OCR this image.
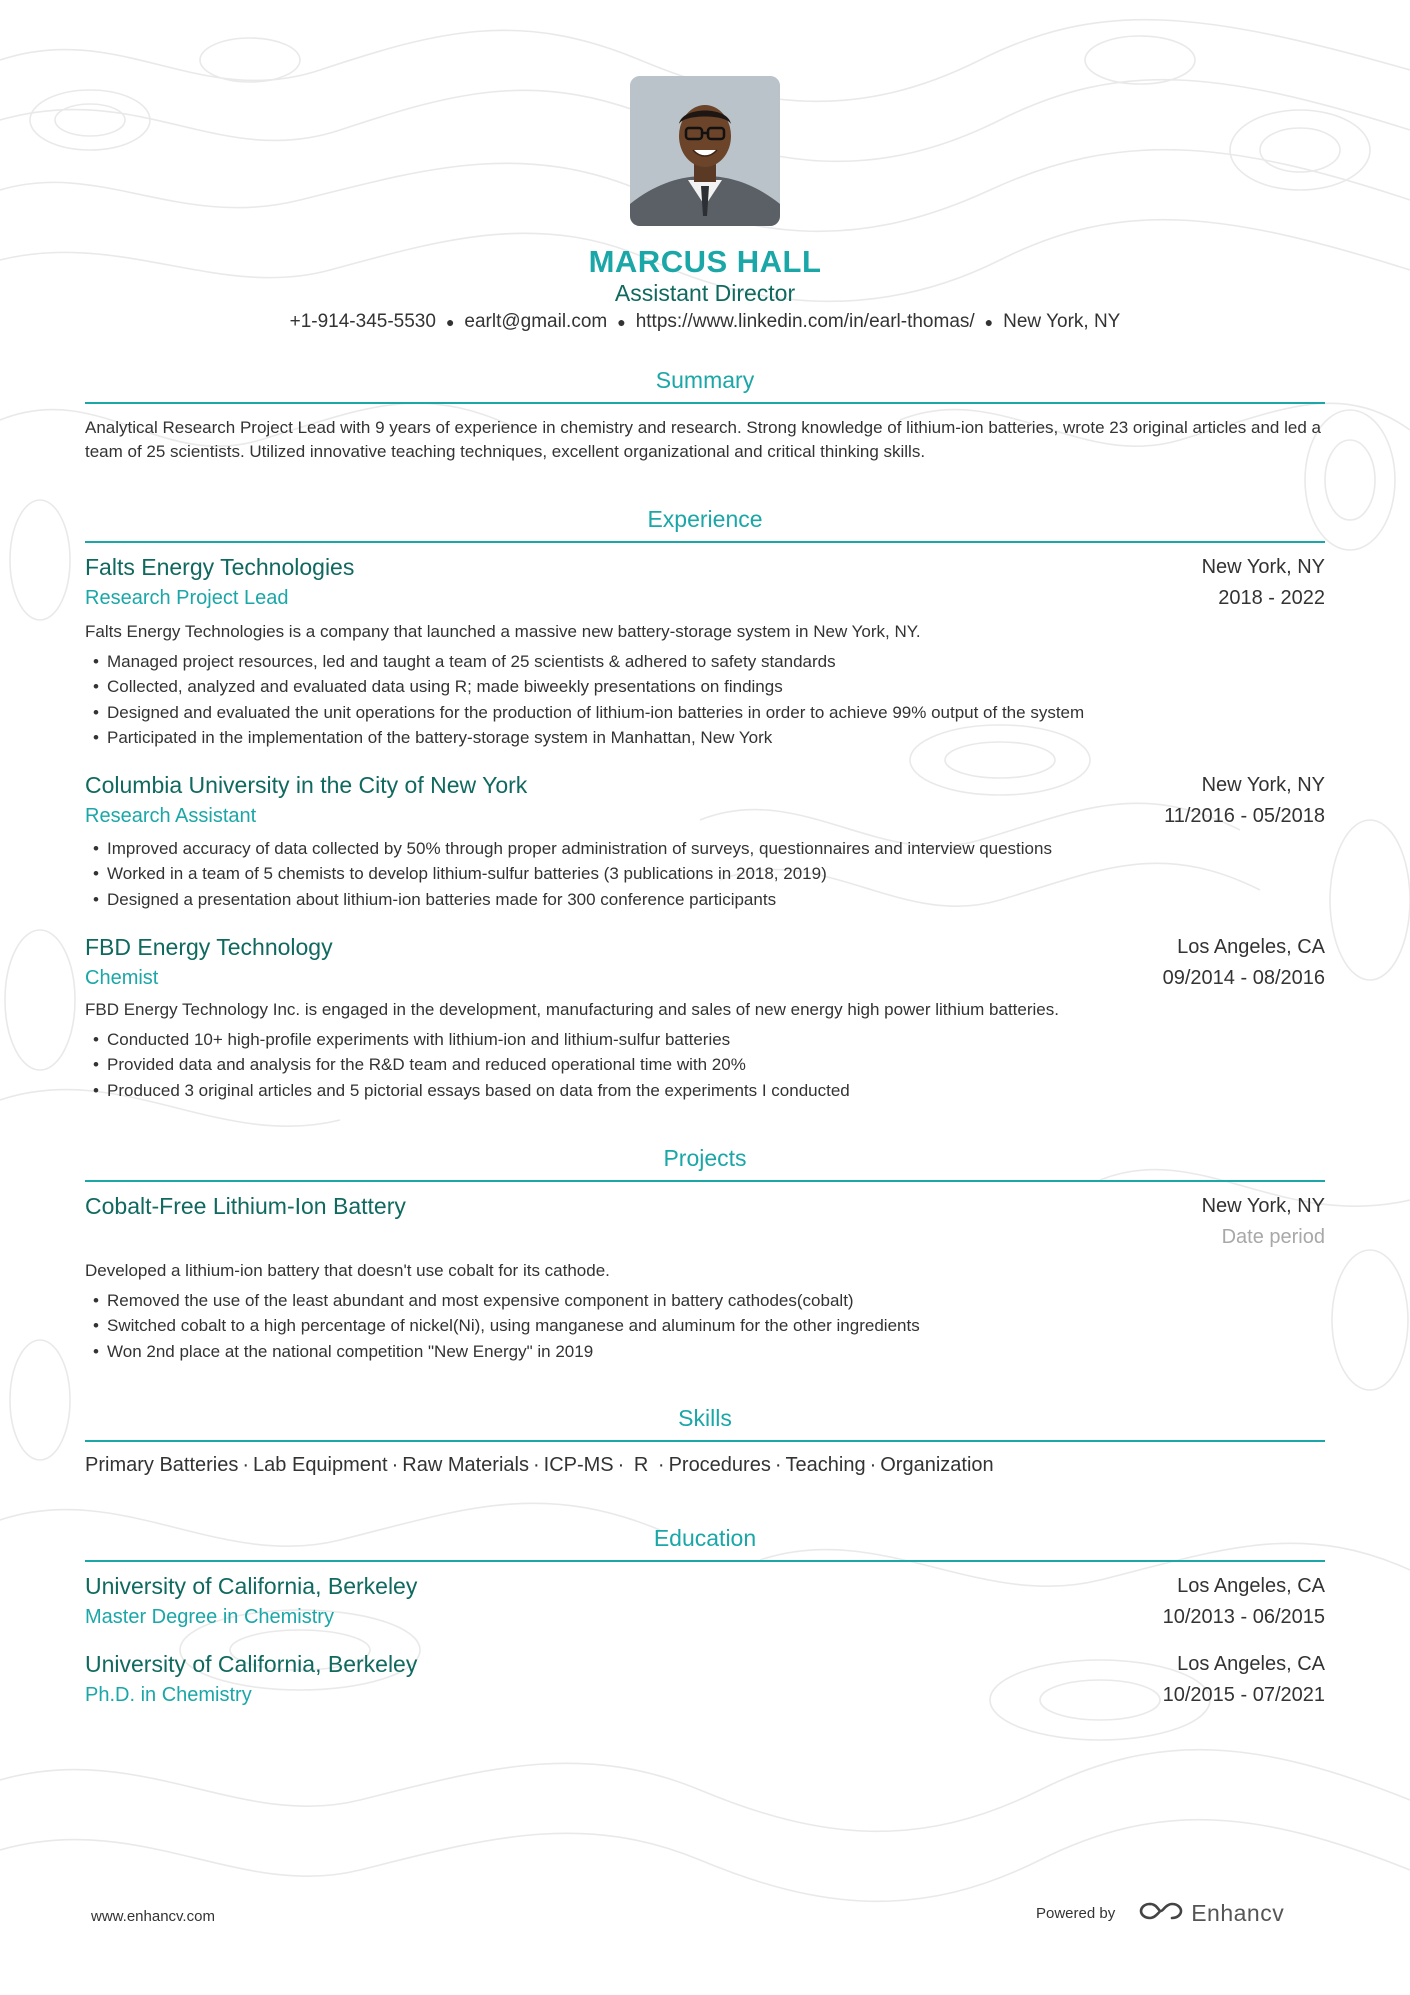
MARCUS HALL
Assistant Director
+1-914-345-5530 ● earlt@gmail.com ● https://www.linkedin.com/in/earl-thomas/ ● New York, NY
Summary
Analytical Research Project Lead with 9 years of experience in chemistry and research. Strong knowledge of lithium-ion batteries, wrote 23 original articles and led a team of 25 scientists. Utilized innovative teaching techniques, excellent organizational and critical thinking skills.
Experience
Falts Energy Technologies	New York, NY
Research Project Lead	2018 - 2022
Falts Energy Technologies is a company that launched a massive new battery-storage system in New York, NY.
• Managed project resources, led and taught a team of 25 scientists & adhered to safety standards
• Collected, analyzed and evaluated data using R; made biweekly presentations on findings
• Designed and evaluated the unit operations for the production of lithium-ion batteries in order to achieve 99% output of the system
• Participated in the implementation of the battery-storage system in Manhattan, New York
Columbia University in the City of New York	New York, NY
Research Assistant	11/2016 - 05/2018
• Improved accuracy of data collected by 50% through proper administration of surveys, questionnaires and interview questions
• Worked in a team of 5 chemists to develop lithium-sulfur batteries (3 publications in 2018, 2019)
• Designed a presentation about lithium-ion batteries made for 300 conference participants
FBD Energy Technology	Los Angeles, CA
Chemist	09/2014 - 08/2016
FBD Energy Technology Inc. is engaged in the development, manufacturing and sales of new energy high power lithium batteries.
• Conducted 10+ high-profile experiments with lithium-ion and lithium-sulfur batteries
• Provided data and analysis for the R&D team and reduced operational time with 20%
• Produced 3 original articles and 5 pictorial essays based on data from the experiments I conducted
Projects
Cobalt-Free Lithium-Ion Battery	New York, NY
Date period
Developed a lithium-ion battery that doesn't use cobalt for its cathode.
• Removed the use of the least abundant and most expensive component in battery cathodes(cobalt)
• Switched cobalt to a high percentage of nickel(Ni), using manganese and aluminum for the other ingredients
• Won 2nd place at the national competition "New Energy" in 2019
Skills
Primary Batteries · Lab Equipment · Raw Materials · ICP-MS · R · Procedures · Teaching · Organization
Education
University of California, Berkeley	Los Angeles, CA
Master Degree in Chemistry	10/2013 - 06/2015
University of California, Berkeley	Los Angeles, CA
Ph.D. in Chemistry	10/2015 - 07/2021
www.enhancv.com	Powered by	Enhancv
